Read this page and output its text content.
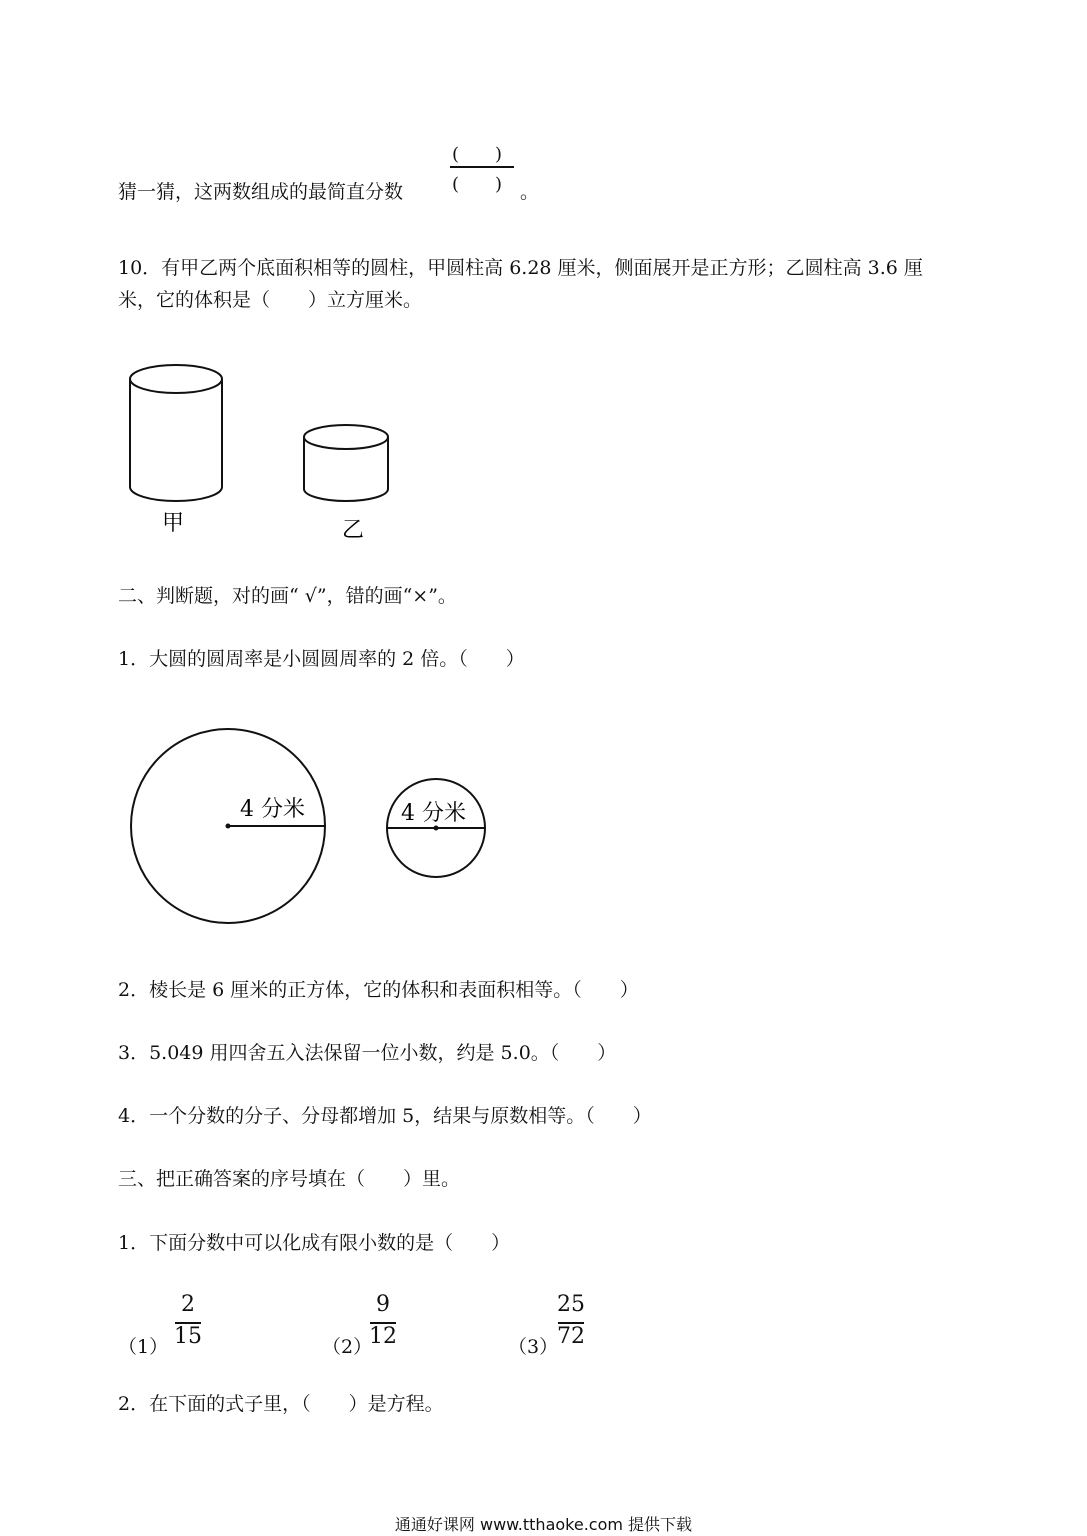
猜一猜，这两数组成的最简直分数
(　　)
(　　) 。
10．有甲乙两个底面积相等的圆柱，甲圆柱高 6.28 厘米，侧面展开是正方形；乙圆柱高 3.6 厘
米，它的体积是（　　）立方厘米。
甲	乙
二、判断题，对的画“ √”，错的画“×”。
1．大圆的圆周率是小圆圆周率的 2 倍。（　　）
4 分米	4 分米
2．棱长是 6 厘米的正方体，它的体积和表面积相等。（　　）
3．5.049 用四舍五入法保留一位小数，约是 5.0。（　　）
4．一个分数的分子、分母都增加 5，结果与原数相等。（　　）
三、把正确答案的序号填在（　　）里。
1．下面分数中可以化成有限小数的是（　　）
（1）
2
15	（2）
9
12	（3）
25
72
2．在下面的式子里，（　　）是方程。
通通好课网 www.tthaoke.com 提供下载
